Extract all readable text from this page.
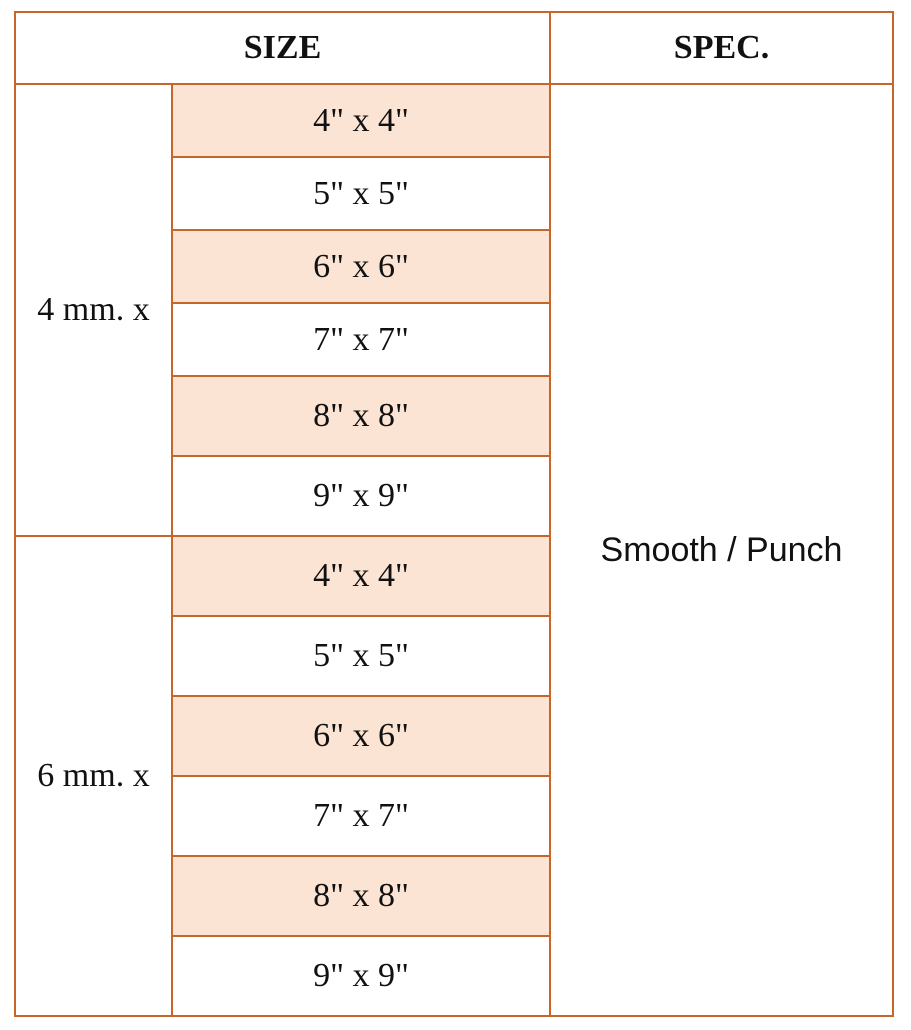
SIZE	SPEC.
4 mm. x
4" x 4"
5" x 5"
6" x 6"
7" x 7"
8" x 8"
9" x 9"
6 mm. x
4" x 4"
5" x 5"
6" x 6"
7" x 7"
8" x 8"
9" x 9"
Smooth / Punch
